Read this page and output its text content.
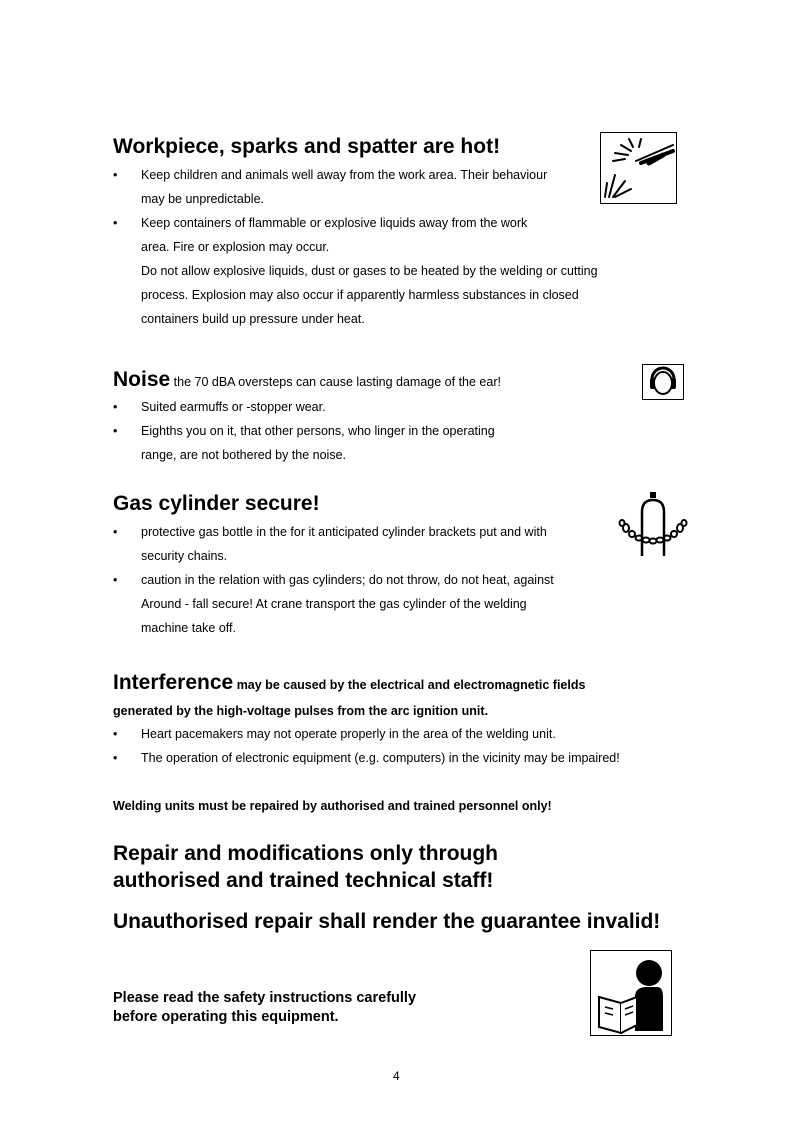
Workpiece, sparks and spatter are hot!
• Keep children and animals well away from the work area. Their behaviour
may be unpredictable.
• Keep containers of flammable or explosive liquids away from the work
area. Fire or explosion may occur.
Do not allow explosive liquids, dust or gases to be heated by the welding or cutting
process. Explosion may also occur if apparently harmless substances in closed
containers build up pressure under heat.
Noise the 70 dBA oversteps can cause lasting damage of the ear!
• Suited earmuffs or -stopper wear.
• Eighths you on it, that other persons, who linger in the operating
range, are not bothered by the noise.
Gas cylinder secure!
• protective gas bottle in the for it anticipated cylinder brackets put and with
security chains.
• caution in the relation with gas cylinders; do not throw, do not heat, against
Around - fall secure! At crane transport the gas cylinder of the welding
machine take off.
Interference may be caused by the electrical and electromagnetic fields
generated by the high-voltage pulses from the arc ignition unit.
• Heart pacemakers may not operate properly in the area of the welding unit.
• The operation of electronic equipment (e.g. computers) in the vicinity may be impaired!
Welding units must be repaired by authorised and trained personnel only!
Repair and modifications only through
authorised and trained technical staff!
Unauthorised repair shall render the guarantee invalid!
Please read the safety instructions carefully
before operating this equipment.
4
